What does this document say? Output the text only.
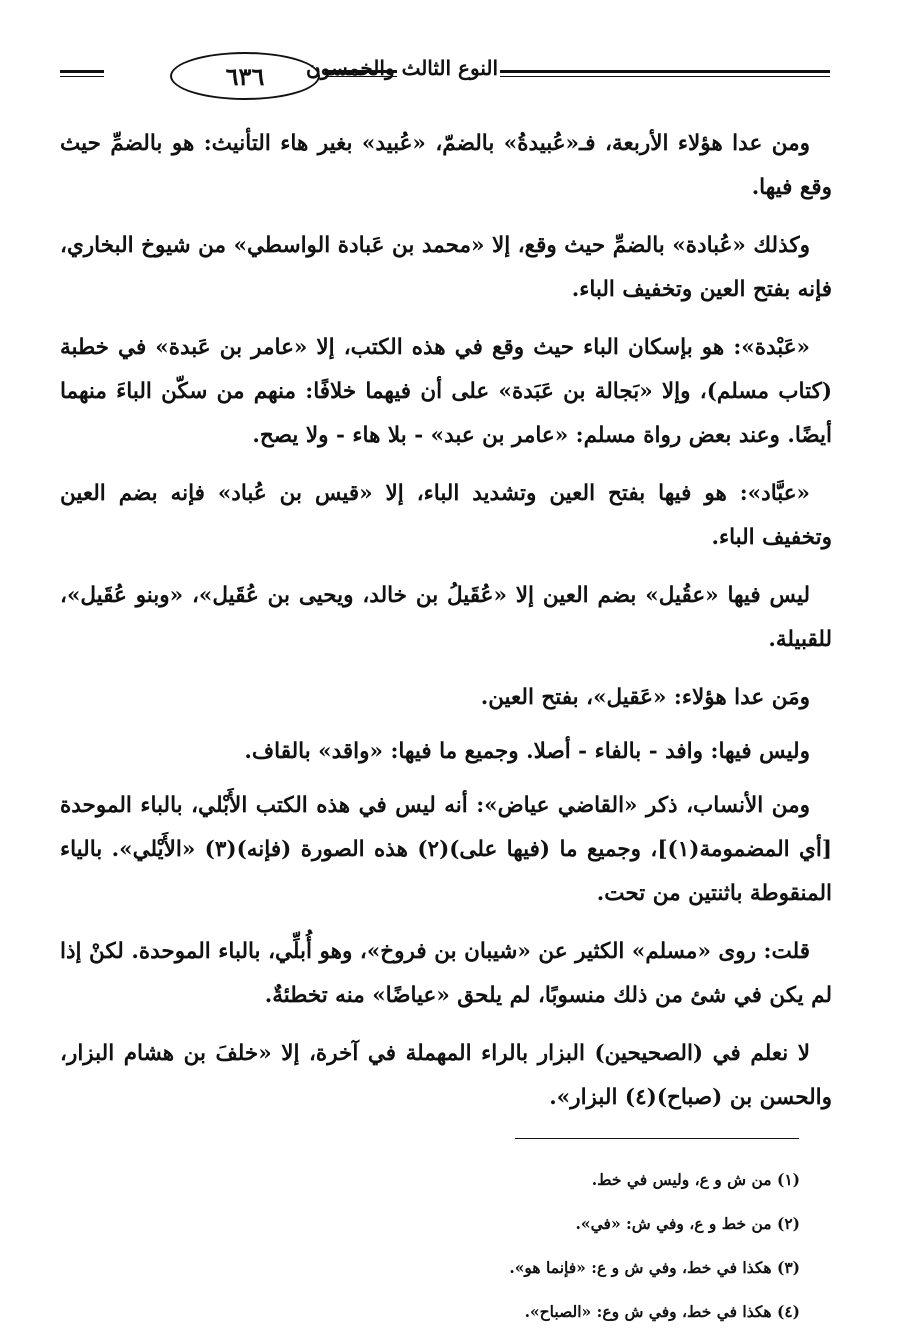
٦٣٦ النوع الثالث والخمسون

ومن عدا هؤلاء الأربعة، فـ«عُبيدةُ» بالضمّ، «عُبيد» بغير هاء التأنيث: هو بالضمِّ حيث وقع فيها.

وكذلك «عُبادة» بالضمِّ حيث وقع، إلا «محمد بن عَبادة الواسطي» من شيوخ البخاري، فإنه بفتح العين وتخفيف الباء.

«عَبْدة»: هو بإسكان الباء حيث وقع في هذه الكتب، إلا «عامر بن عَبدة» في خطبة (كتاب مسلم)، وإلا «بَجالة بن عَبَدة» على أن فيهما خلافًا: منهم من سكّن الباءَ منهما أيضًا. وعند بعض رواة مسلم: «عامر بن عبد» - بلا هاء - ولا يصح.

«عبَّاد»: هو فيها بفتح العين وتشديد الباء، إلا «قيس بن عُباد» فإنه بضم العين وتخفيف الباء.

ليس فيها «عقُيل» بضم العين إلا «عُقَيلُ بن خالد، ويحيى بن عُقَيل»، «وبنو عُقَيل»، للقبيلة.

ومَن عدا هؤلاء: «عَقيل»، بفتح العين.

وليس فيها: وافد - بالفاء - أصلا. وجميع ما فيها: «واقد» بالقاف.

ومن الأنساب، ذكر «القاضي عياض»: أنه ليس في هذه الكتب الأَبْلي، بالباء الموحدة [أي المضمومة(١)]، وجميع ما (فيها على)(٢) هذه الصورة (فإنه)(٣) «الأَيْلي». بالياء المنقوطة باثنتين من تحت.

قلت: روى «مسلم» الكثير عن «شيبان بن فروخ»، وهو أُبلِّي، بالباء الموحدة. لكنْ إذا لم يكن في شئ من ذلك منسوبًا، لم يلحق «عياضًا» منه تخطئةٌ.

لا نعلم في (الصحيحين) البزار بالراء المهملة في آخرة، إلا «خلفَ بن هشام البزار، والحسن بن (صباح)(٤) البزار».

(١) من ش و ع، وليس في خط.

(٢) من خط و ع، وفي ش: «في».

(٣) هكذا في خط، وفي ش و ع: «فإنما هو».

(٤) هكذا في خط، وفي ش وع: «الصباح».
